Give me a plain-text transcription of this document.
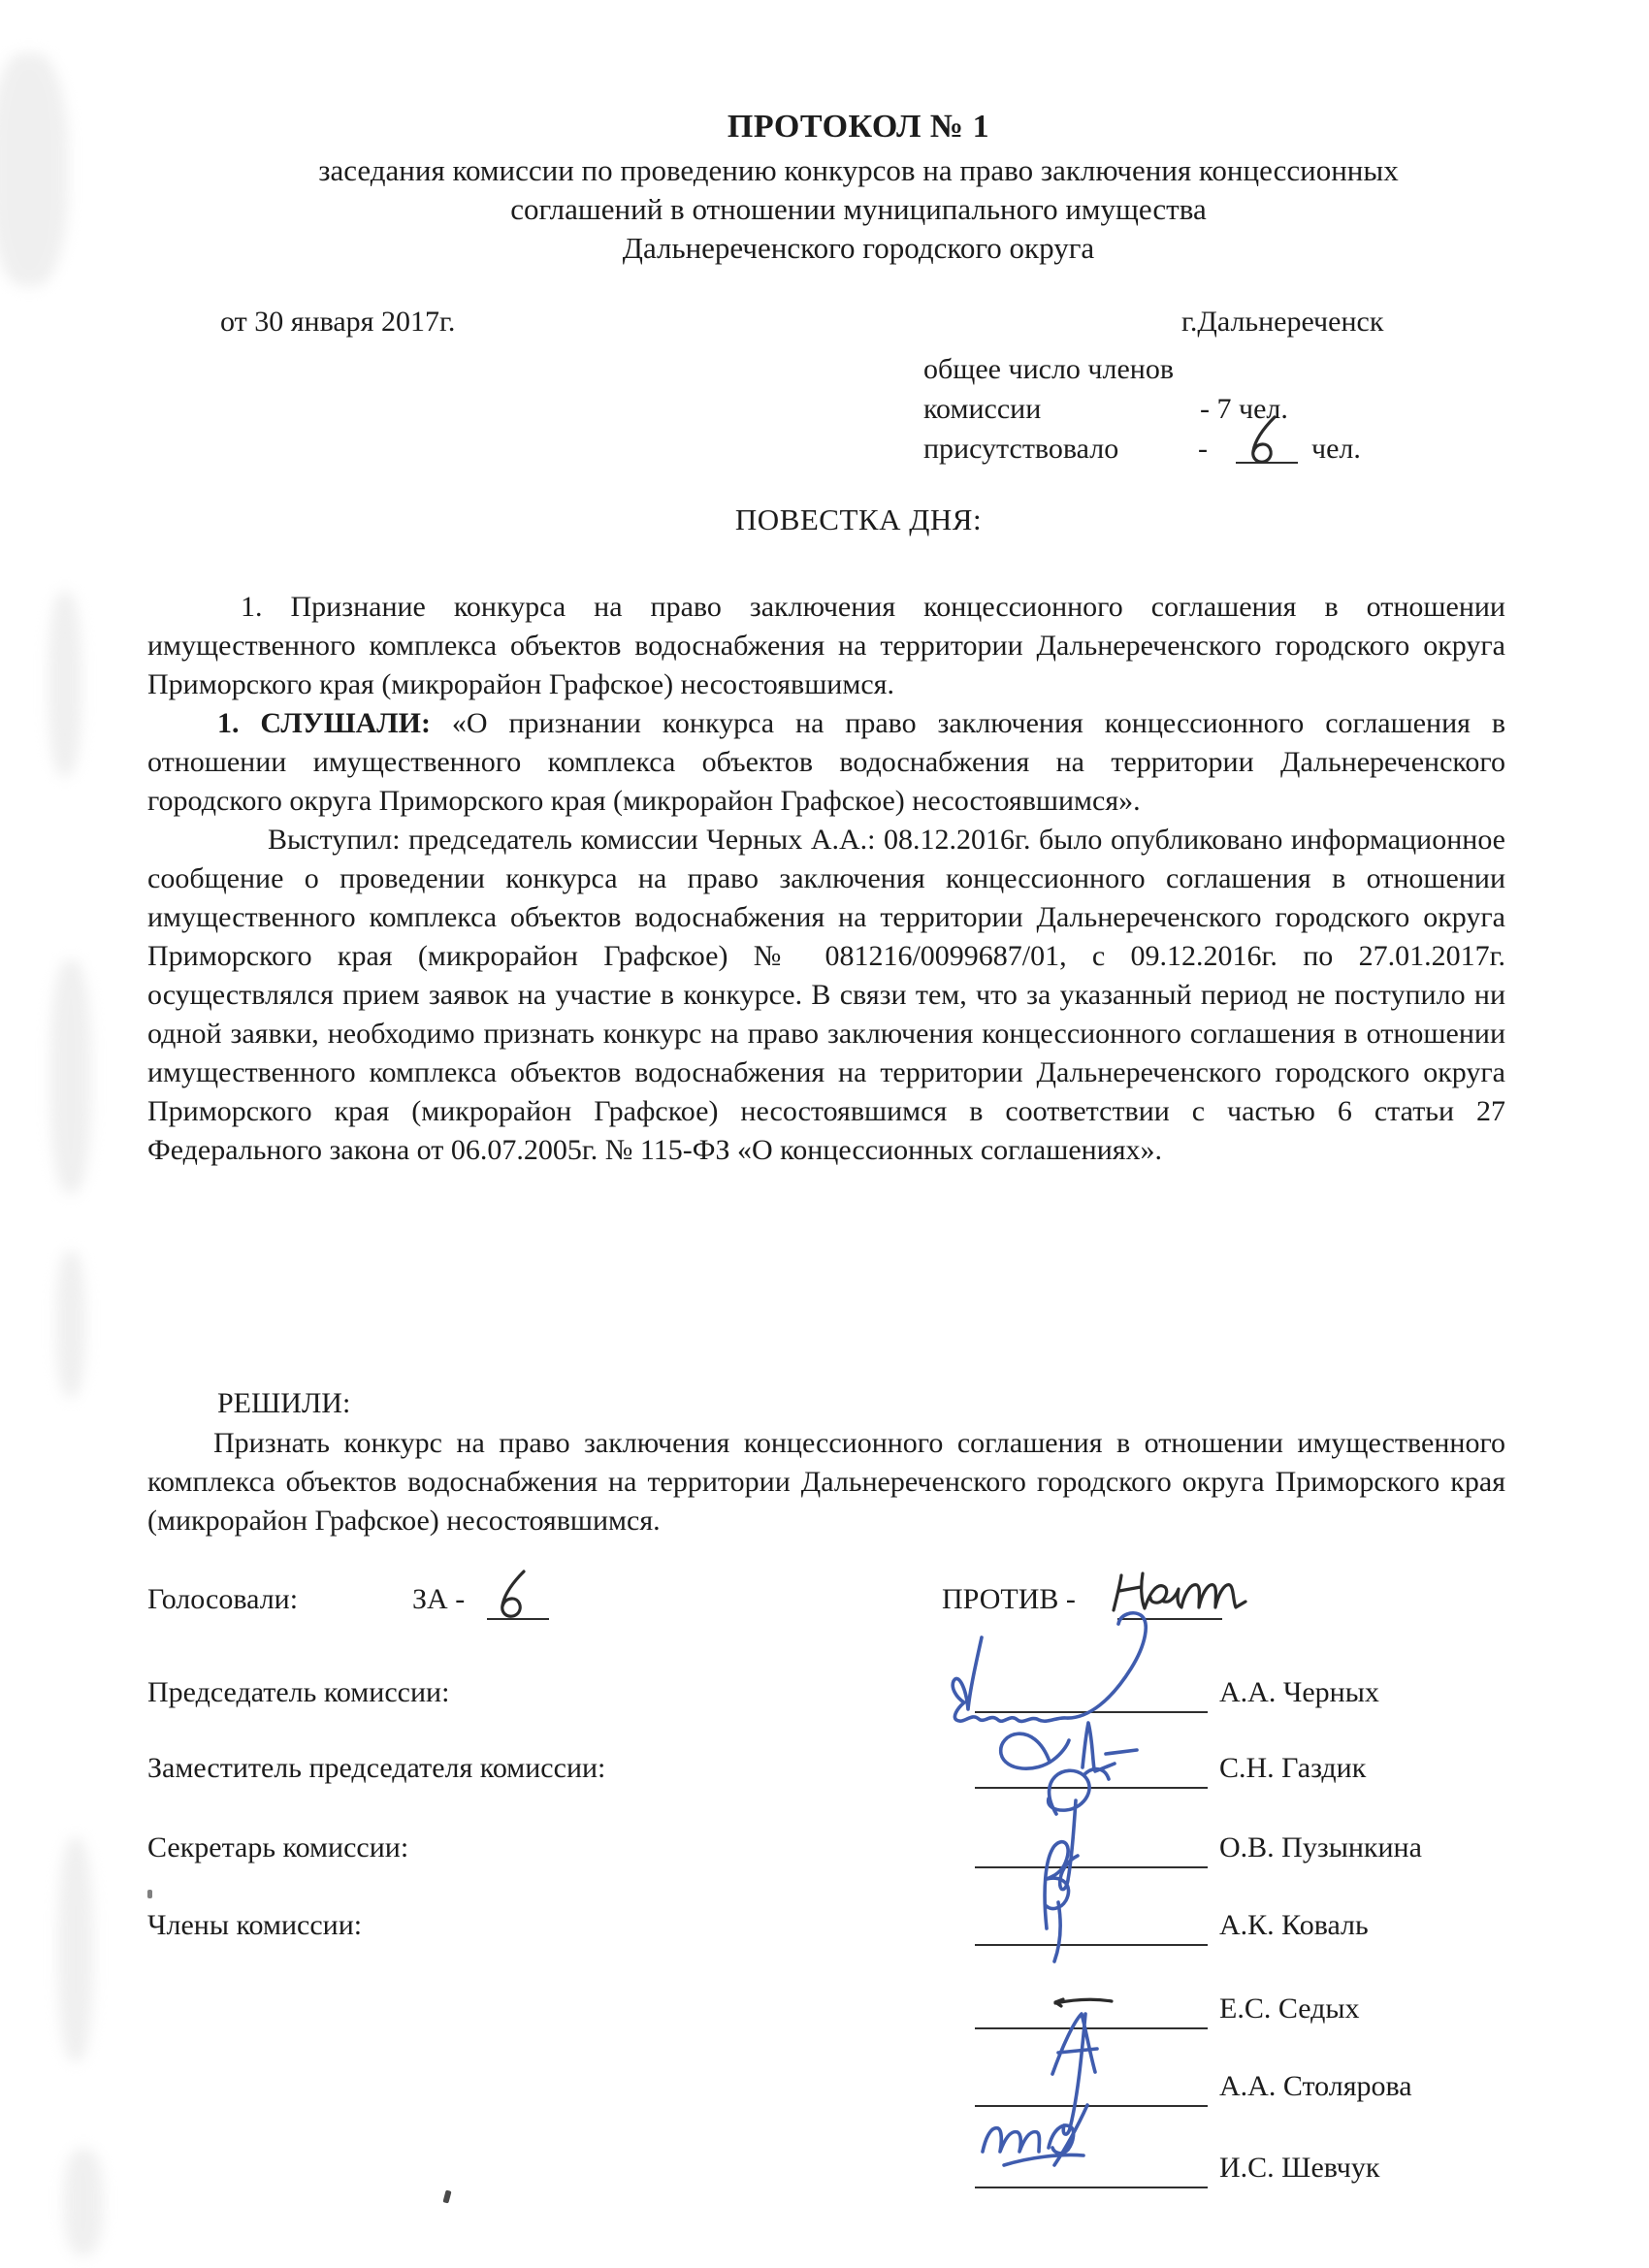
ПРОТОКОЛ № 1
заседания комиссии по проведению конкурсов на право заключения концессионных
соглашений в отношении муниципального имущества
Дальнереченского городского округа
от 30 января 2017г.	г.Дальнереченск
общее число членов
комиссии	- 7 чел.
присутствовало	-	чел.
ПОВЕСТКА ДНЯ:

1. Признание конкурса на право заключения концессионного соглашения в отношении имущественного комплекса объектов водоснабжения на территории Дальнереченского городского округа Приморского края (микрорайон Графское) несостоявшимся.

1. СЛУШАЛИ: «О признании конкурса на право заключения концессионного соглашения в отношении имущественного комплекса объектов водоснабжения на территории Дальнереченского городского округа Приморского края (микрорайон Графское) несостоявшимся».

Выступил: председатель комиссии Черных А.А.: 08.12.2016г. было опубликовано информационное сообщение о проведении конкурса на право заключения концессионного соглашения в отношении имущественного комплекса объектов водоснабжения на территории Дальнереченского городского округа Приморского края (микрорайон Графское) № 081216/0099687/01, с 09.12.2016г. по 27.01.2017г. осуществлялся прием заявок на участие в конкурсе. В связи тем, что за указанный период не поступило ни одной заявки, необходимо признать конкурс на право заключения концессионного соглашения в отношении имущественного комплекса объектов водоснабжения на территории Дальнереченского городского округа Приморского края (микрорайон Графское) несостоявшимся в соответствии с частью 6 статьи 27 Федерального закона от 06.07.2005г. № 115-ФЗ «О концессионных соглашениях».

РЕШИЛИ:

Признать конкурс на право заключения концессионного соглашения в отношении имущественного комплекса объектов водоснабжения на территории Дальнереченского городского округа Приморского края (микрорайон Графское) несостоявшимся.

Голосовали:	ЗА -	ПРОТИВ -
Председатель комиссии:	А.А. Черных
Заместитель председателя комиссии:	С.Н. Газдик
Секретарь комиссии:	О.В. Пузынкина
Члены комиссии:	А.К. Коваль
Е.С. Седых
А.А. Столярова
И.С. Шевчук
